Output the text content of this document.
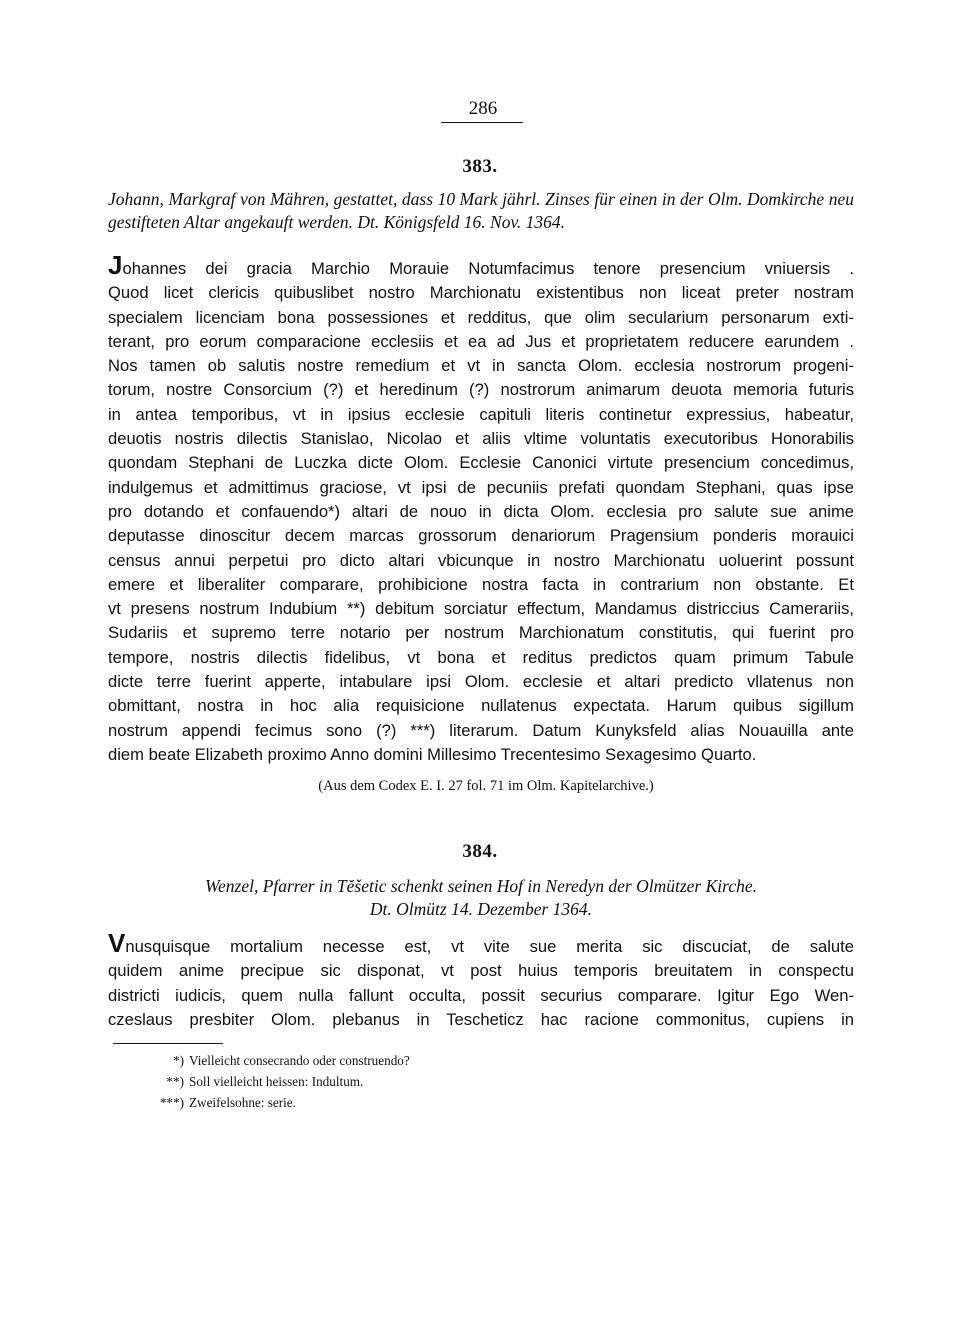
286
383.
Johann, Markgraf von Mähren, gestattet, dass 10 Mark jährl. Zinses für einen in der Olm. Domkirche neu gestifteten Altar angekauft werden. Dt. Königsfeld 16. Nov. 1364.
Johannes dei gracia Marchio Morauie Notumfacimus tenore presencium vniuersis .
Quod licet clericis quibuslibet nostro Marchionatu existentibus non liceat preter nostram
specialem licenciam bona possessiones et redditus, que olim secularium personarum exti-
terant, pro eorum comparacione ecclesiis et ea ad Jus et proprietatem reducere earundem .
Nos tamen ob salutis nostre remedium et vt in sancta Olom. ecclesia nostrorum progeni-
torum, nostre Consorcium (?) et heredinum (?) nostrorum animarum deuota memoria futuris
in antea temporibus, vt in ipsius ecclesie capituli literis continetur expressius, habeatur,
deuotis nostris dilectis Stanislao, Nicolao et aliis vltime voluntatis executoribus Honorabilis
quondam Stephani de Luczka dicte Olom. Ecclesie Canonici virtute presencium concedimus,
indulgemus et admittimus graciose, vt ipsi de pecuniis prefati quondam Stephani, quas ipse
pro dotando et confauendo*) altari de nouo in dicta Olom. ecclesia pro salute sue anime
deputasse dinoscitur decem marcas grossorum denariorum Pragensium ponderis morauici
census annui perpetui pro dicto altari vbicunque in nostro Marchionatu uoluerint possunt
emere et liberaliter comparare, prohibicione nostra facta in contrarium non obstante. Et
vt presens nostrum Indubium **) debitum sorciatur effectum, Mandamus districcius Camerariis,
Sudariis et supremo terre notario per nostrum Marchionatum constitutis, qui fuerint pro
tempore, nostris dilectis fidelibus, vt bona et reditus predictos quam primum Tabule
dicte terre fuerint apperte, intabulare ipsi Olom. ecclesie et altari predicto vllatenus non
obmittant, nostra in hoc alia requisicione nullatenus expectata. Harum quibus sigillum
nostrum appendi fecimus sono (?) ***) literarum. Datum Kunyksfeld alias Nouauilla ante
diem beate Elizabeth proximo Anno domini Millesimo Trecentesimo Sexagesimo Quarto.
(Aus dem Codex E. I. 27 fol. 71 im Olm. Kapitelarchive.)
384.
Wenzel, Pfarrer in Tĕšetic schenkt seinen Hof in Neredyn der Olmützer Kirche.
Dt. Olmütz 14. Dezember 1364.
Vnusquisque mortalium necesse est, vt vite sue merita sic discuciat, de salute
quidem anime precipue sic disponat, vt post huius temporis breuitatem in conspectu
districti iudicis, quem nulla fallunt occulta, possit securius comparare. Igitur Ego Wen-
czeslaus presbiter Olom. plebanus in Tescheticz hac racione commonitus, cupiens in
*) Vielleicht consecrando oder construendo?
**) Soll vielleicht heissen: Indultum.
***) Zweifelsohne: serie.
